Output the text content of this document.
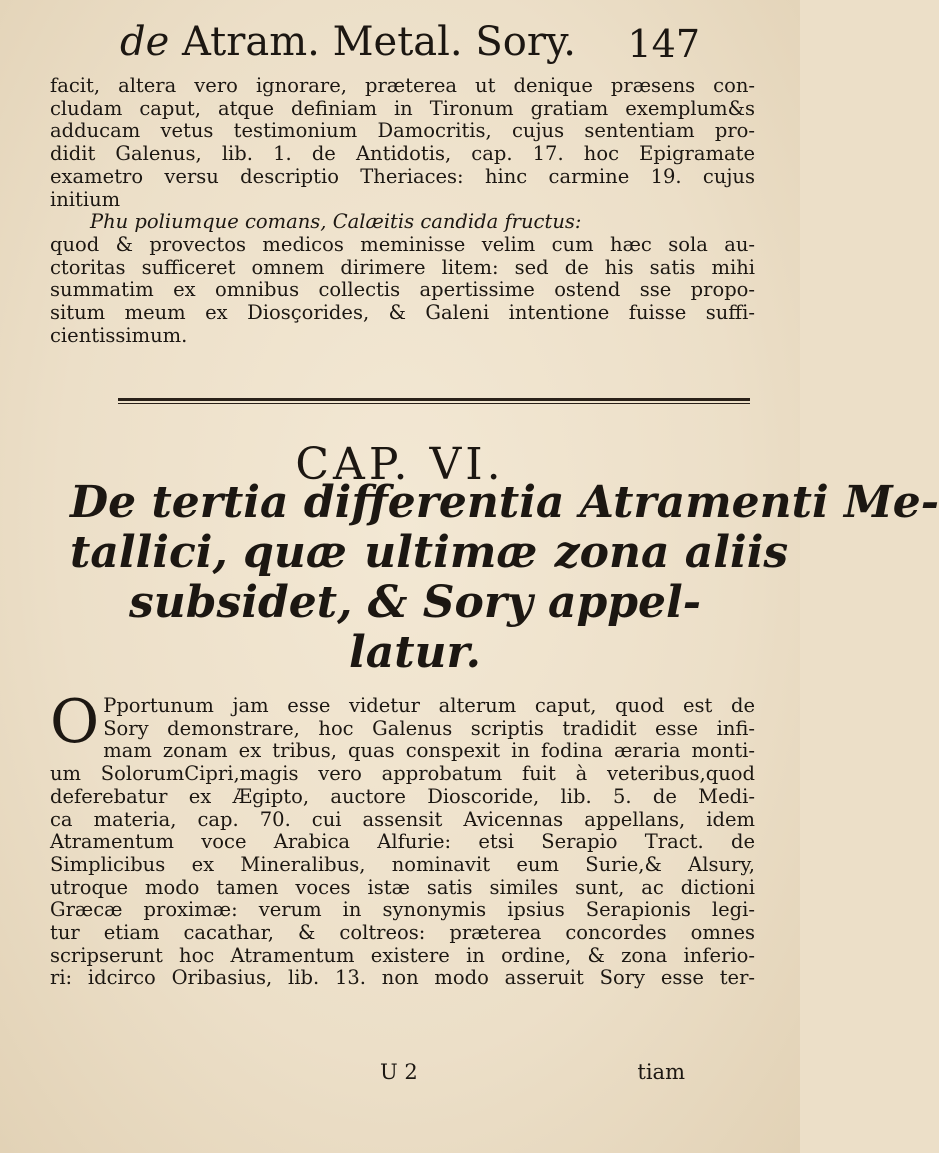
de Atram. Metal. Sory. 147
facit, altera vero ignorare, prӕterea ut denique prӕsens con-
cludam caput, atque definiam in Tironum gratiam exemplum&s
adducam vetus testimonium Damocritis, cujus sententiam pro-
didit Galenus, lib. 1. de Antidotis, cap. 17. hoc Epigramate
exametro versu descriptio Theriaces: hinc carmine 19. cujus
initium
Phu poliumque comans, Calӕitis candida fructus:
quod & provectos medicos meminisse velim cum hӕc sola au-
ctoritas sufficeret omnem dirimere litem: sed de his satis mihi
summatim ex omnibus collectis apertissime ostend sse propo-
situm meum ex Diosçorides, & Galeni intentione fuisse suffi-
cientissimum.
CAP. VI.
De tertia differentia Atramenti Me-
tallici, quӕ ultimӕ zona aliis
subsidet, & Sory appel-
latur.
O Pportunum jam esse videtur alterum caput, quod est de
Sory demonstrare, hoc Galenus scriptis tradidit esse infi-
mam zonam ex tribus, quas conspexit in fodina ӕraria monti-
um SolorumCipri,magis vero approbatum fuit à veteribus,quod
deferebatur ex Ægipto, auctore Dioscoride, lib. 5. de Medi-
ca materia, cap. 70. cui assensit Avicennas appellans, idem
Atramentum voce Arabica Alfurie: etsi Serapio Tract. de
Simplicibus ex Mineralibus, nominavit eum Surie,& Alsury,
utroque modo tamen voces istӕ satis similes sunt, ac dictioni
Grӕcӕ proximӕ: verum in synonymis ipsius Serapionis legi-
tur etiam cacathar, & coltreos: prӕterea concordes omnes
scripserunt hoc Atramentum existere in ordine, & zona inferio-
ri: idcirco Oribasius, lib. 13. non modo asseruit Sory esse ter-
U 2	tiam
